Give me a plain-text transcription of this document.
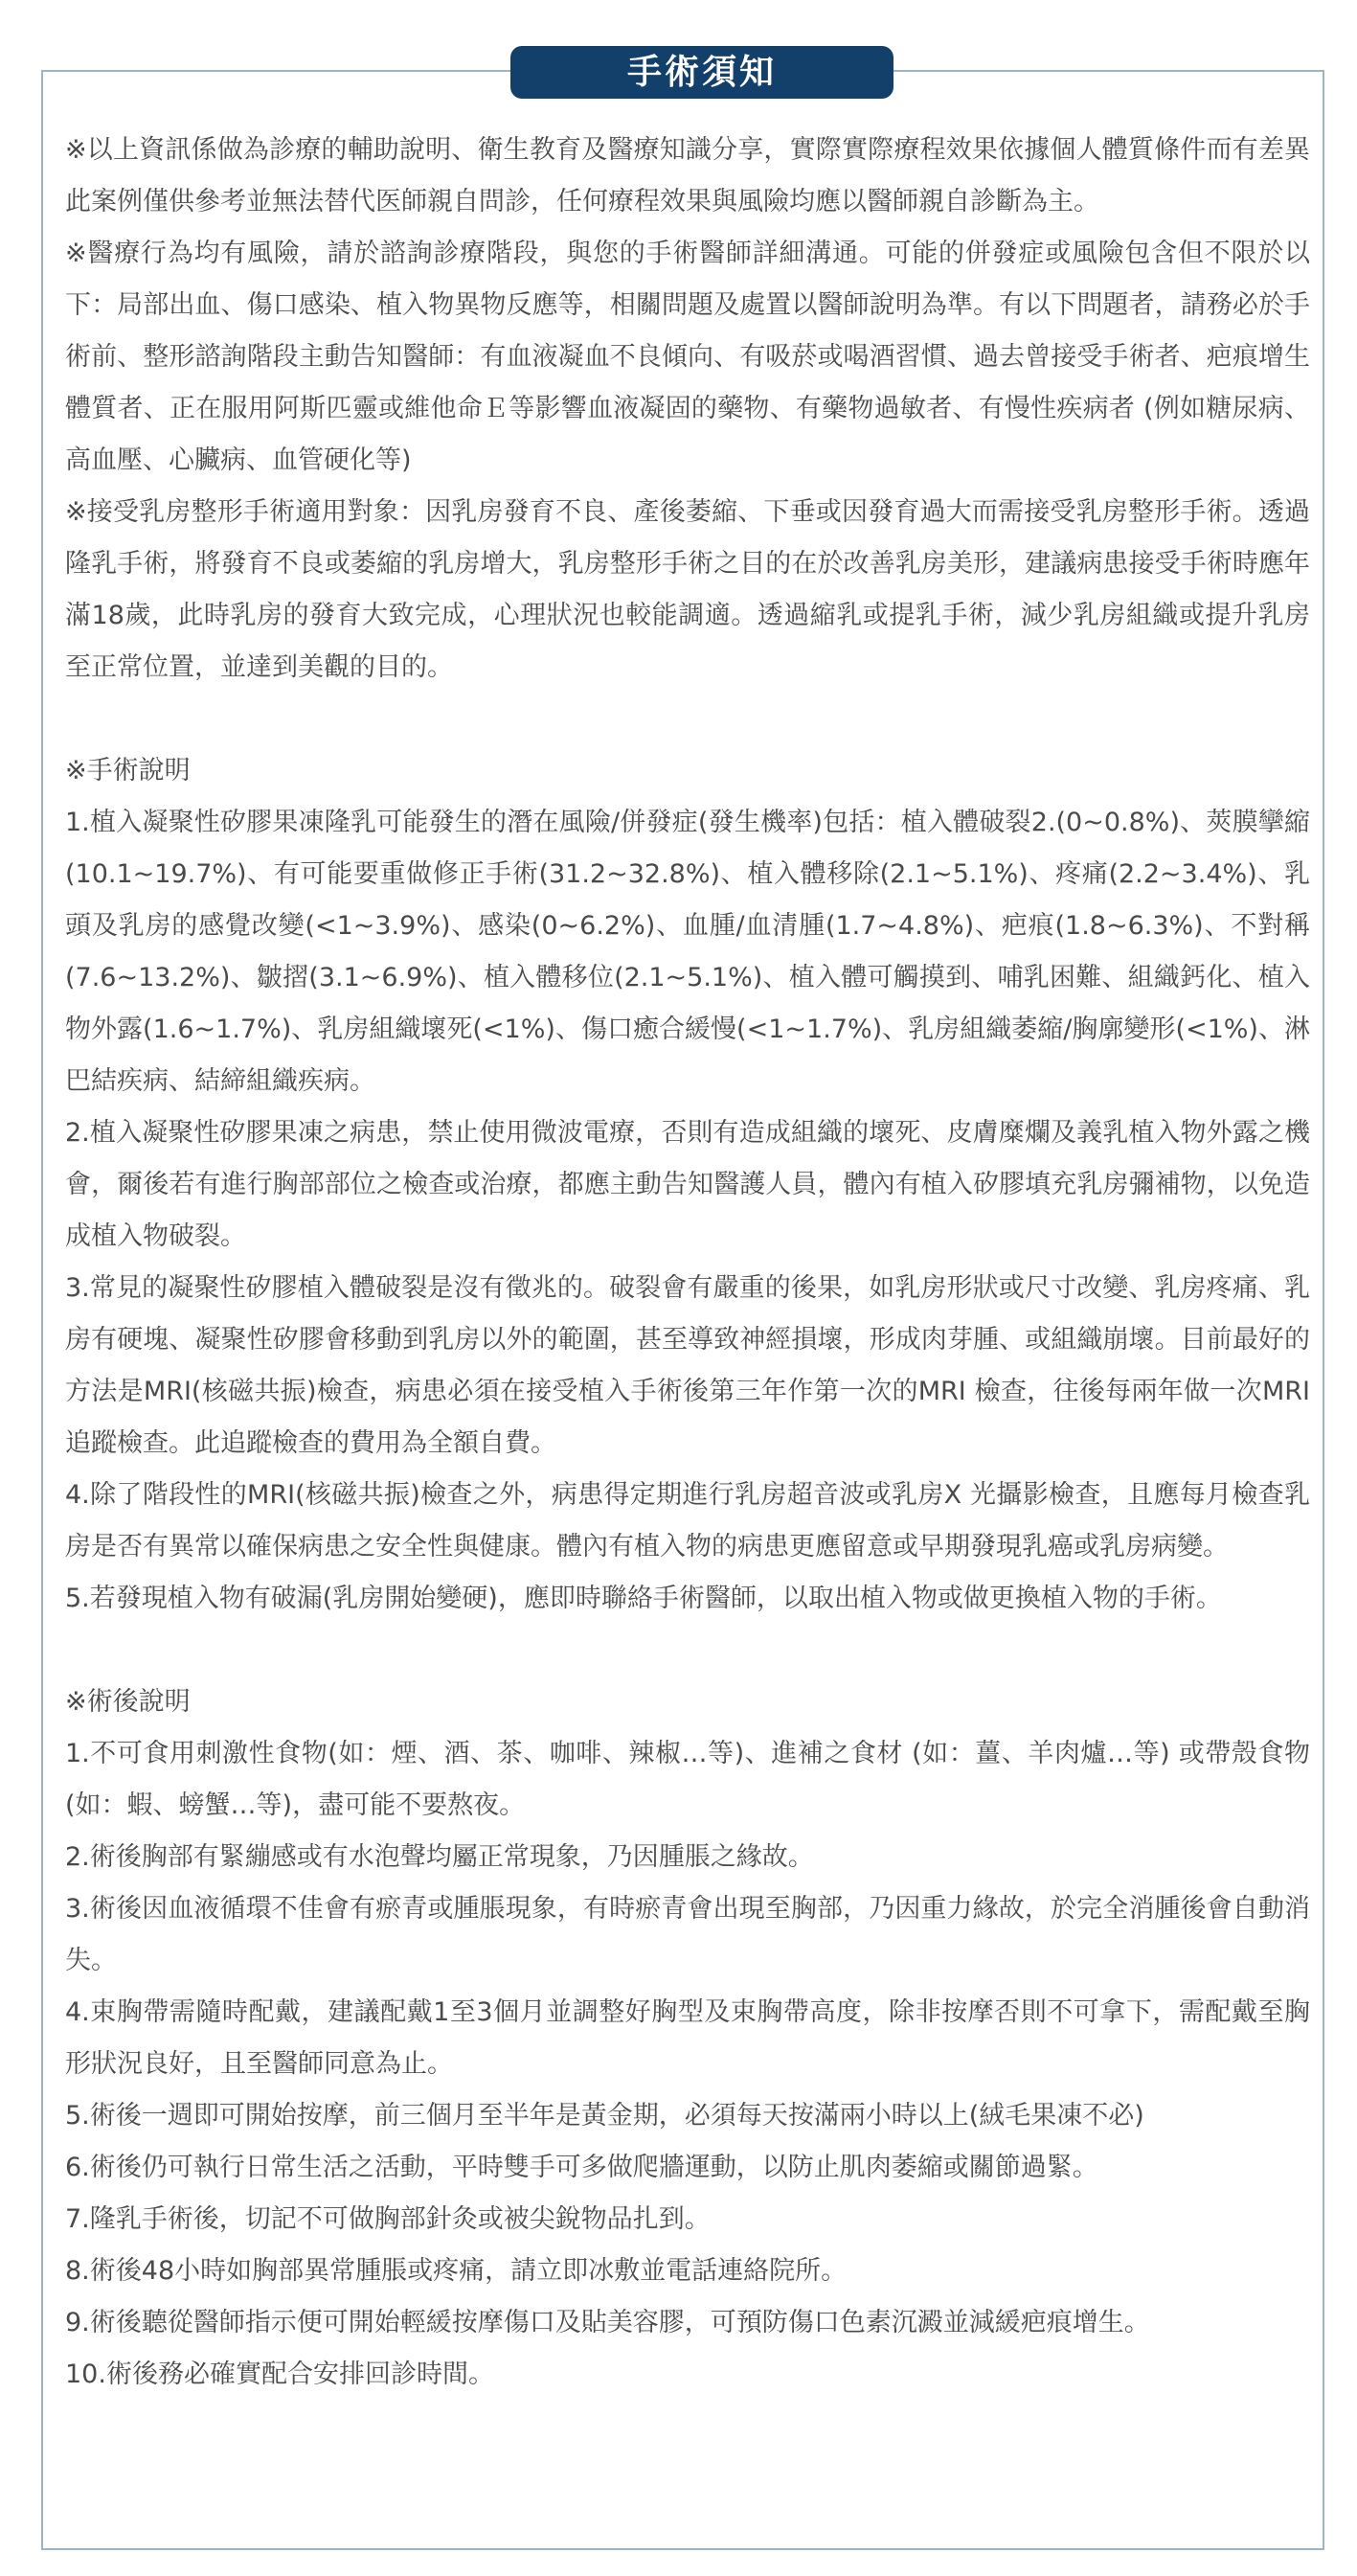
手術須知

※以上資訊係做為診療的輔助說明、衛生教育及醫療知識分享，實際實際療程效果依據個人體質條件而有差異此案例僅供參考並無法替代医師親自問診，任何療程效果與風險均應以醫師親自診斷為主。

※醫療行為均有風險，請於諮詢診療階段，與您的手術醫師詳細溝通。可能的併發症或風險包含但不限於以下：局部出血、傷口感染、植入物異物反應等，相關問題及處置以醫師說明為準。有以下問題者，請務必於手術前、整形諮詢階段主動告知醫師：有血液凝血不良傾向、有吸菸或喝酒習慣、過去曾接受手術者、疤痕增生體質者、正在服用阿斯匹靈或維他命Ｅ等影響血液凝固的藥物、有藥物過敏者、有慢性疾病者 (例如糖尿病、高血壓、心臟病、血管硬化等)

※接受乳房整形手術適用對象：因乳房發育不良、產後萎縮、下垂或因發育過大而需接受乳房整形手術。透過隆乳手術，將發育不良或萎縮的乳房增大，乳房整形手術之目的在於改善乳房美形，建議病患接受手術時應年滿18歲，此時乳房的發育大致完成，心理狀況也較能調適。透過縮乳或提乳手術，減少乳房組織或提升乳房至正常位置，並達到美觀的目的。

※手術說明

1.植入凝聚性矽膠果凍隆乳可能發生的潛在風險/併發症(發生機率)包括：植入體破裂2.(0~0.8%)、莢膜攣縮(10.1~19.7%)、有可能要重做修正手術(31.2~32.8%)、植入體移除(2.1~5.1%)、疼痛(2.2~3.4%)、乳頭及乳房的感覺改變(<1~3.9%)、感染(0~6.2%)、血腫/血清腫(1.7~4.8%)、疤痕(1.8~6.3%)、不對稱(7.6~13.2%)、皺摺(3.1~6.9%)、植入體移位(2.1~5.1%)、植入體可觸摸到、哺乳困難、組織鈣化、植入物外露(1.6~1.7%)、乳房組織壞死(<1%)、傷口癒合緩慢(<1~1.7%)、乳房組織萎縮/胸廓變形(<1%)、淋巴結疾病、結締組織疾病。

2.植入凝聚性矽膠果凍之病患，禁止使用微波電療，否則有造成組織的壞死、皮膚糜爛及義乳植入物外露之機會，爾後若有進行胸部部位之檢查或治療，都應主動告知醫護人員，體內有植入矽膠填充乳房彌補物，以免造成植入物破裂。

3.常見的凝聚性矽膠植入體破裂是沒有徵兆的。破裂會有嚴重的後果，如乳房形狀或尺寸改變、乳房疼痛、乳房有硬塊、凝聚性矽膠會移動到乳房以外的範圍，甚至導致神經損壞，形成肉芽腫、或組織崩壞。目前最好的方法是MRI(核磁共振)檢查，病患必須在接受植入手術後第三年作第一次的MRI 檢查，往後每兩年做一次MRI 追蹤檢查。此追蹤檢查的費用為全額自費。

4.除了階段性的MRI(核磁共振)檢查之外，病患得定期進行乳房超音波或乳房X 光攝影檢查，且應每月檢查乳房是否有異常以確保病患之安全性與健康。體內有植入物的病患更應留意或早期發現乳癌或乳房病變。

5.若發現植入物有破漏(乳房開始變硬)，應即時聯絡手術醫師，以取出植入物或做更換植入物的手術。

※術後說明

1.不可食用刺激性食物(如：煙、酒、茶、咖啡、辣椒…等)、進補之食材 (如：薑、羊肉爐…等) 或帶殼食物(如：蝦、螃蟹…等)，盡可能不要熬夜。

2.術後胸部有緊繃感或有水泡聲均屬正常現象，乃因腫脹之緣故。

3.術後因血液循環不佳會有瘀青或腫脹現象，有時瘀青會出現至胸部，乃因重力緣故，於完全消腫後會自動消失。

4.束胸帶需隨時配戴，建議配戴1至3個月並調整好胸型及束胸帶高度，除非按摩否則不可拿下，需配戴至胸形狀況良好，且至醫師同意為止。

5.術後一週即可開始按摩，前三個月至半年是黃金期，必須每天按滿兩小時以上(絨毛果凍不必)

6.術後仍可執行日常生活之活動，平時雙手可多做爬牆運動，以防止肌肉萎縮或關節過緊。

7.隆乳手術後，切記不可做胸部針灸或被尖銳物品扎到。

8.術後48小時如胸部異常腫脹或疼痛，請立即冰敷並電話連絡院所。

9.術後聽從醫師指示便可開始輕緩按摩傷口及貼美容膠，可預防傷口色素沉澱並減緩疤痕增生。

10.術後務必確實配合安排回診時間。
